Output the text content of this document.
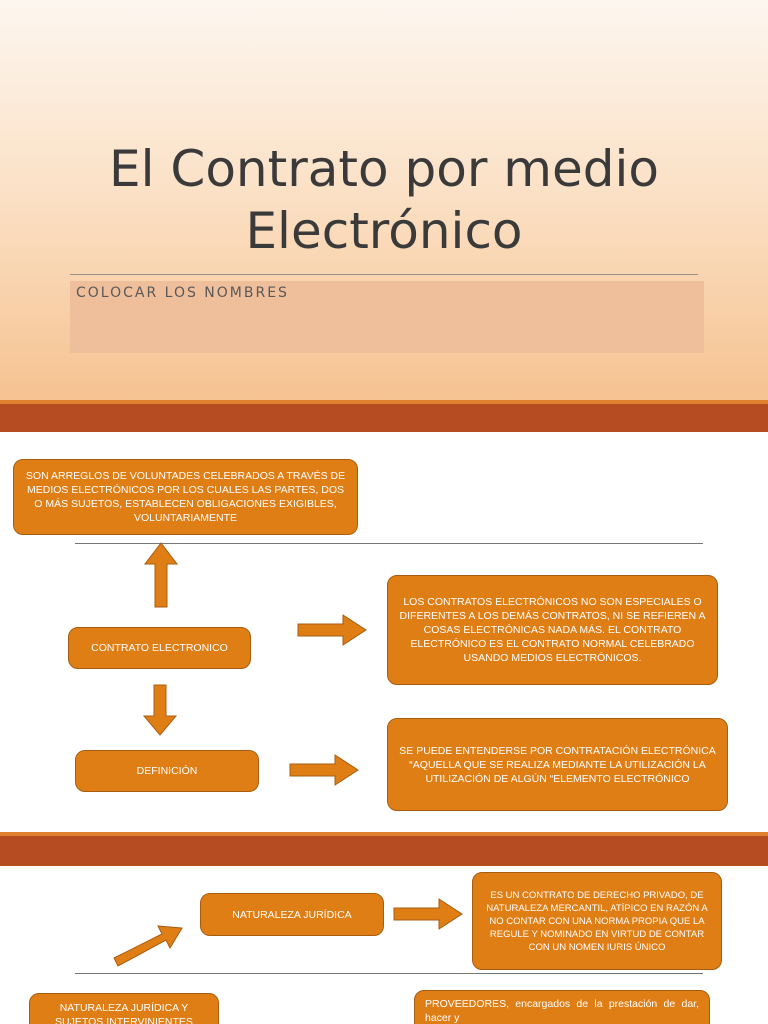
El Contrato por medio
Electrónico
COLOCAR LOS NOMBRES
SON ARREGLOS DE VOLUNTADES CELEBRADOS A TRAVÉS DE MEDIOS ELECTRÓNICOS POR LOS CUALES LAS PARTES, DOS O MÁS SUJETOS, ESTABLECEN OBLIGACIONES EXIGIBLES, VOLUNTARIAMENTE
CONTRATO ELECTRONICO
LOS CONTRATOS ELECTRÓNICOS NO SON ESPECIALES O DIFERENTES A LOS DEMÁS CONTRATOS, NI SE REFIEREN A COSAS ELECTRÓNICAS NADA MÁS. EL CONTRATO ELECTRÓNICO ES EL CONTRATO NORMAL CELEBRADO USANDO MEDIOS ELECTRÓNICOS.
DEFINICIÓN
SE PUEDE ENTENDERSE POR CONTRATACIÓN ELECTRÓNICA “AQUELLA QUE SE REALIZA MEDIANTE LA UTILIZACIÓN LA UTILIZACIÓN DE ALGÚN “ELEMENTO ELECTRÓNICO
NATURALEZA JURÍDICA
ES UN CONTRATO DE DERECHO PRIVADO, DE NATURALEZA MERCANTIL, ATÍPICO EN RAZÓN A NO CONTAR CON UNA NORMA PROPIA QUE LA REGULE Y NOMINADO EN VIRTUD DE CONTAR CON UN NOMEN IURIS ÚNICO
NATURALEZA JURÍDICA Y SUJETOS INTERVINIENTES
PROVEEDORES, encargados de la prestación de dar, hacer y
